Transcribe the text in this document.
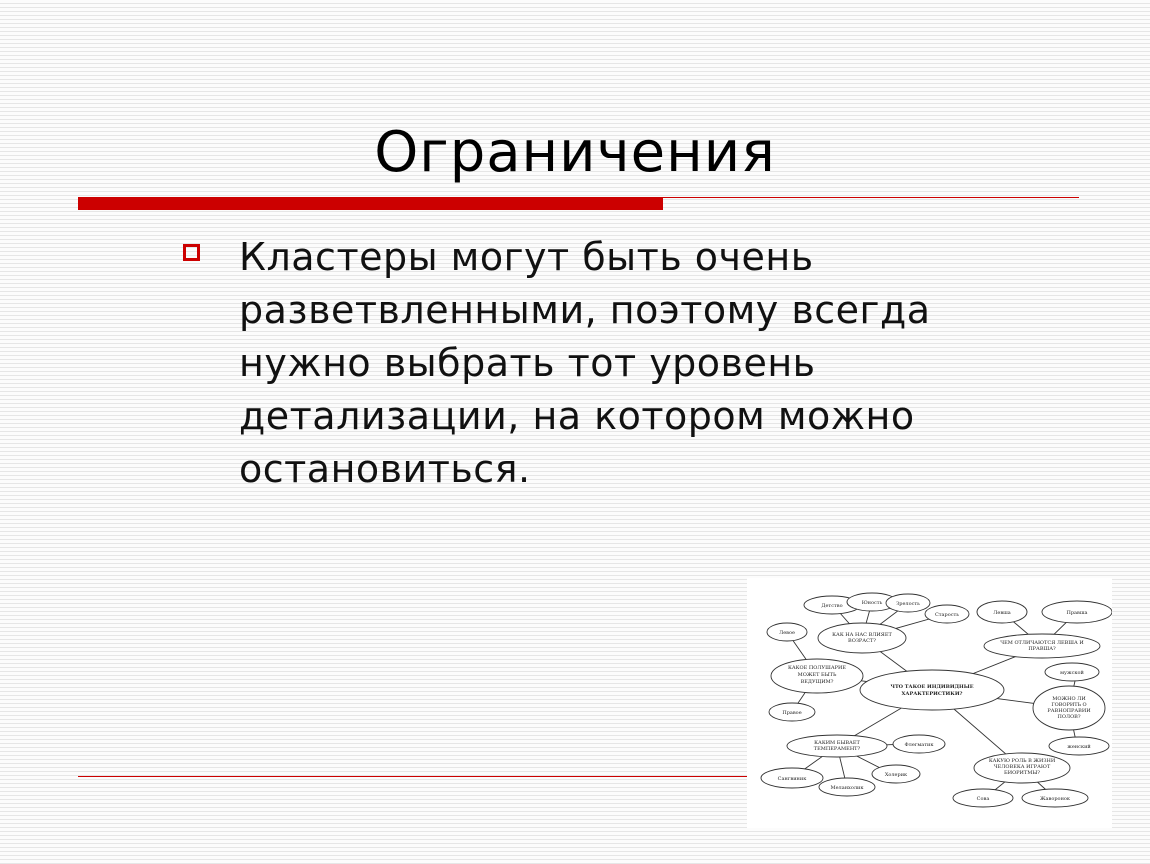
Ограничения
Кластеры могут быть очень разветвленными, поэтому всегда нужно выбрать тот уровень детализации, на котором можно остановиться.
ЧТО ТАКОЕ ИНДИВИДНЫЕ
ХАРАКТЕРИСТИКИ?
КАК НА НАС ВЛИЯЕТ
ВОЗРАСТ?
Детство	Юность	Зрелость
Старость
КАКОЕ ПОЛУШАРИЕ
МОЖЕТ БЫТЬ
ВЕДУЩИМ?
Левое
Правое
ЧЕМ ОТЛИЧАЮТСЯ ЛЕВША И
ПРАВША?
Левша	Правша
МОЖНО ЛИ
ГОВОРИТЬ О
РАВНОПРАВИИ
ПОЛОВ?
мужской
женский
КАКИМ БЫВАЕТ
ТЕМПЕРАМЕНТ?
Флегматик
Сангвиник
Меланхолик
Холерик
КАКУЮ РОЛЬ В ЖИЗНИ
ЧЕЛОВЕКА ИГРАЮТ
БИОРИТМЫ?
Сова	Жаворонок
